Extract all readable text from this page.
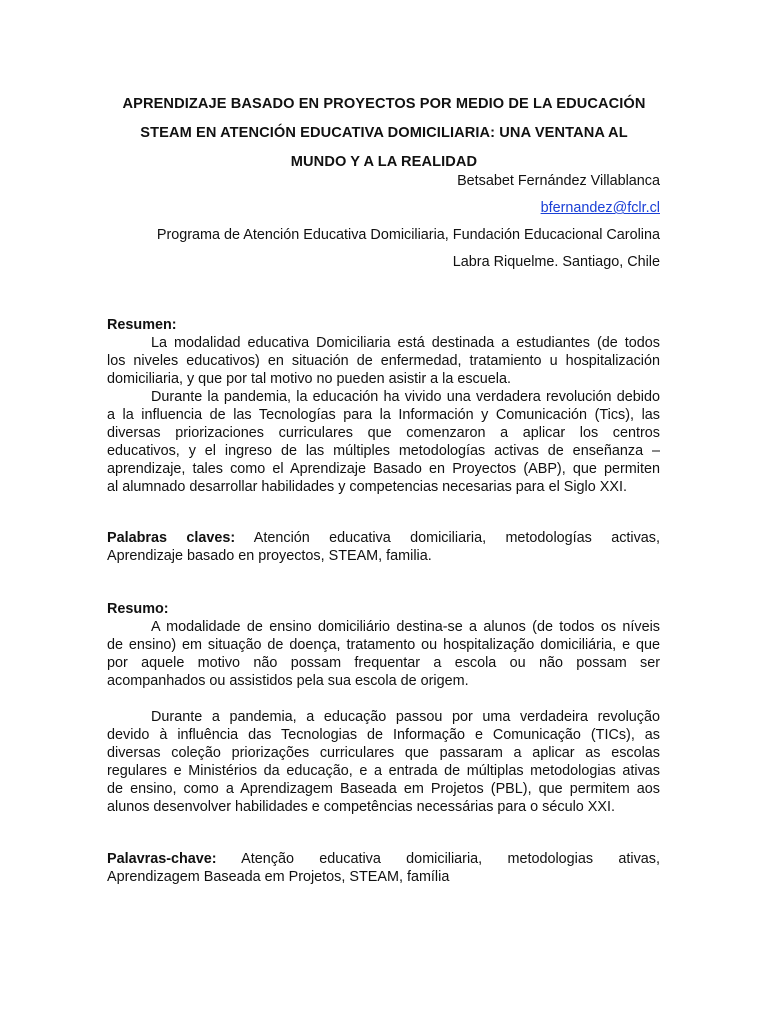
APRENDIZAJE BASADO EN PROYECTOS POR MEDIO DE LA EDUCACIÓN
STEAM EN ATENCIÓN EDUCATIVA DOMICILIARIA: UNA VENTANA AL
MUNDO Y A LA REALIDAD
Betsabet Fernández Villablanca
bfernandez@fclr.cl
Programa de Atención Educativa Domiciliaria, Fundación Educacional Carolina
Labra Riquelme. Santiago, Chile
Resumen:
La modalidad educativa Domiciliaria está destinada a estudiantes (de todos
los niveles educativos) en situación de enfermedad, tratamiento u hospitalización
domiciliaria, y que por tal motivo no pueden asistir a la escuela.
Durante la pandemia, la educación ha vivido una verdadera revolución debido
a la influencia de las Tecnologías para la Información y Comunicación (Tics), las
diversas priorizaciones curriculares que comenzaron a aplicar los centros
educativos, y el ingreso de las múltiples metodologías activas de enseñanza –
aprendizaje, tales como el Aprendizaje Basado en Proyectos (ABP), que permiten
al alumnado desarrollar habilidades y competencias necesarias para el Siglo XXI.
Palabras claves: Atención educativa domiciliaria, metodologías activas,
Aprendizaje basado en proyectos, STEAM, familia.
Resumo:
A modalidade de ensino domiciliário destina-se a alunos (de todos os níveis
de ensino) em situação de doença, tratamento ou hospitalização domiciliária, e que
por aquele motivo não possam frequentar a escola ou não possam ser
acompanhados ou assistidos pela sua escola de origem.
Durante a pandemia, a educação passou por uma verdadeira revolução
devido à influência das Tecnologias de Informação e Comunicação (TICs), as
diversas coleção priorizações curriculares que passaram a aplicar as escolas
regulares e Ministérios da educação, e a entrada de múltiplas metodologias ativas
de ensino, como a Aprendizagem Baseada em Projetos (PBL), que permitem aos
alunos desenvolver habilidades e competências necessárias para o século XXI.
Palavras-chave: Atenção educativa domiciliaria, metodologias ativas,
Aprendizagem Baseada em Projetos, STEAM, família
